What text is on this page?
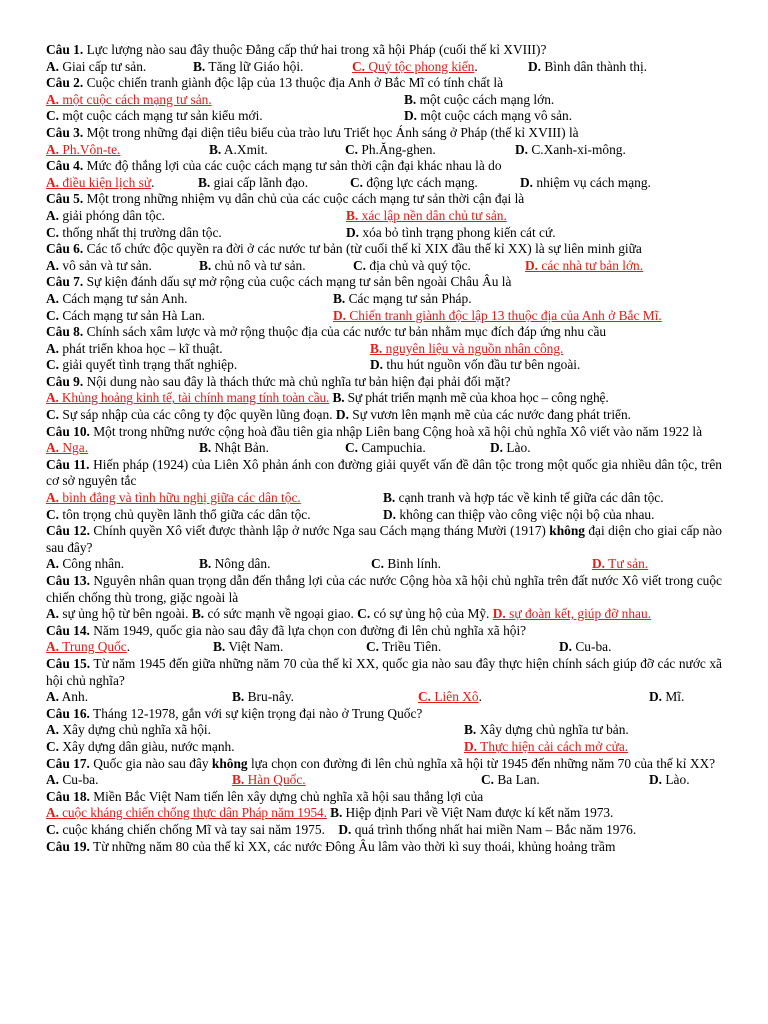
Câu 1. Lực lượng nào sau đây thuộc Đẳng cấp thứ hai trong xã hội Pháp (cuối thế kỉ XVIII)?

A. Giai cấp tư sản.	B. Tăng lữ Giáo hội.	C. Quý tộc phong kiến.	D. Bình dân thành thị.

Câu 2. Cuộc chiến tranh giành độc lập của 13 thuộc địa Anh ở Bắc Mĩ có tính chất là

A. một cuộc cách mạng tư sản.	B. một cuộc cách mạng lớn.
C. một cuộc cách mạng tư sản kiểu mới.	D. một cuộc cách mạng vô sản.

Câu 3. Một trong những đại diện tiêu biểu của trào lưu Triết học Ánh sáng ở Pháp (thế kỉ XVIII) là

A. Ph.Vôn-te.	B. A.Xmit.	C. Ph.Ăng-ghen.	D. C.Xanh-xi-mông.

Câu 4. Mức độ thắng lợi của các cuộc cách mạng tư sản thời cận đại khác nhau là do

A. điều kiện lịch sử.	B. giai cấp lãnh đạo.	C. động lực cách mạng.	D. nhiệm vụ cách mạng.

Câu 5. Một trong những nhiệm vụ dân chủ của các cuộc cách mạng tư sản thời cận đại là

A. giải phóng dân tộc.	B. xác lập nền dân chủ tư sản.
C. thống nhất thị trường dân tộc.	D. xóa bỏ tình trạng phong kiến cát cứ.

Câu 6. Các tổ chức độc quyền ra đời ở các nước tư bản (từ cuối thế kỉ XIX đầu thế kỉ XX) là sự liên minh giữa

A. vô sản và tư sản.	B. chủ nô và tư sản.	C. địa chủ và quý tộc.	D. các nhà tư bản lớn.

Câu 7. Sự kiện đánh dấu sự mở rộng của cuộc cách mạng tư sản bên ngoài Châu Âu là

A. Cách mạng tư sản Anh.	B. Các mạng tư sản Pháp.
C. Cách mạng tư sản Hà Lan.	D. Chiến tranh giành độc lập 13 thuộc địa của Anh ở Bắc Mĩ.

Câu 8. Chính sách xâm lược và mở rộng thuộc địa của các nước tư bản nhằm mục đích đáp ứng nhu cầu

A. phát triển khoa học – kĩ thuật.	B. nguyên liệu và nguồn nhân công.
C. giải quyết tình trạng thất nghiệp.	D. thu hút nguồn vốn đầu tư bên ngoài.

Câu 9. Nội dung nào sau đây là thách thức mà chủ nghĩa tư bản hiện đại phải đối mặt?

A. Khủng hoảng kinh tế, tài chính mang tính toàn cầu. B. Sự phát triển mạnh mẽ của khoa học – công nghệ.

C. Sự sáp nhập của các công ty độc quyền lũng đoạn. D. Sự vươn lên mạnh mẽ của các nước đang phát triển.

Câu 10. Một trong những nước cộng hoà đầu tiên gia nhập Liên bang Cộng hoà xã hội chủ nghĩa Xô viết vào năm 1922 là

A. Nga.	B. Nhật Bản.	C. Campuchia.	D. Lào.

Câu 11. Hiến pháp (1924) của Liên Xô phản ánh con đường giải quyết vấn đề dân tộc trong một quốc gia nhiều dân tộc, trên cơ sở nguyên tắc

A. bình đẳng và tình hữu nghị giữa các dân tộc.	B. cạnh tranh và hợp tác về kinh tế giữa các dân tộc.
C. tôn trọng chủ quyền lãnh thổ giữa các dân tộc.	D. không can thiệp vào công việc nội bộ của nhau.

Câu 12. Chính quyền Xô viết được thành lập ở nước Nga sau Cách mạng tháng Mười (1917) không đại diện cho giai cấp nào sau đây?

A. Công nhân.	B. Nông dân.	C. Binh lính.	D. Tư sản.

Câu 13. Nguyên nhân quan trọng dẫn đến thắng lợi của các nước Cộng hòa xã hội chủ nghĩa trên đất nước Xô viết trong cuộc chiến chống thù trong, giặc ngoài là

A. sự ủng hộ từ bên ngoài. B. có sức mạnh về ngoại giao. C. có sự ủng hộ của Mỹ. D. sự đoàn kết, giúp đỡ nhau.

Câu 14. Năm 1949, quốc gia nào sau đây đã lựa chọn con đường đi lên chủ nghĩa xã hội?

A. Trung Quốc.	B. Việt Nam.	C. Triều Tiên.	D. Cu-ba.

Câu 15. Từ năm 1945 đến giữa những năm 70 của thế kỉ XX, quốc gia nào sau đây thực hiện chính sách giúp đỡ các nước xã hội chủ nghĩa?

A. Anh.	B. Bru-nây.	C. Liên Xô.	D. Mĩ.

Câu 16. Tháng 12-1978, gắn với sự kiện trọng đại nào ở Trung Quốc?

A. Xây dựng chủ nghĩa xã hội.	B. Xây dựng chủ nghĩa tư bản.
C. Xây dựng dân giàu, nước mạnh.	D. Thực hiện cải cách mở cửa.

Câu 17. Quốc gia nào sau đây không lựa chọn con đường đi lên chủ nghĩa xã hội từ 1945 đến những năm 70 của thế kỉ XX?

A. Cu-ba.	B. Hàn Quốc.	C. Ba Lan.	D. Lào.

Câu 18. Miền Bắc Việt Nam tiến lên xây dựng chủ nghĩa xã hội sau thắng lợi của

A. cuộc kháng chiến chống thực dân Pháp năm 1954. B. Hiệp định Pari về Việt Nam được kí kết năm 1973.

C. cuộc kháng chiến chống Mĩ và tay sai năm 1975. D. quá trình thống nhất hai miền Nam – Bắc năm 1976.

Câu 19. Từ những năm 80 của thế kỉ XX, các nước Đông Âu lâm vào thời kì suy thoái, khủng hoảng trầm
